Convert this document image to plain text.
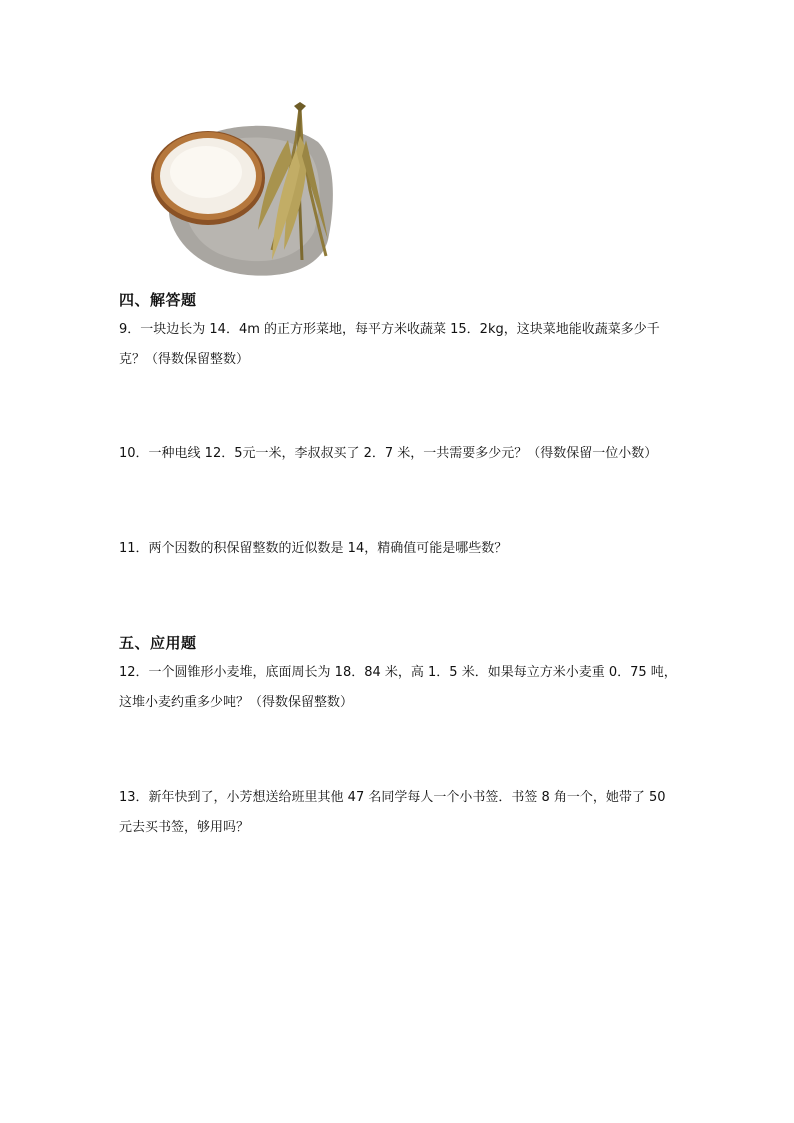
四、解答题
9．一块边长为 14．4m 的正方形菜地，每平方米收蔬菜 15．2kg，这块菜地能收蔬菜多少千
克？（得数保留整数）
10．一种电线 12．5元一米，李叔叔买了 2．7 米，一共需要多少元？（得数保留一位小数）
11．两个因数的积保留整数的近似数是 14，精确值可能是哪些数？
五、应用题
12．一个圆锥形小麦堆，底面周长为 18．84 米，高 1．5 米．如果每立方米小麦重 0．75 吨，
这堆小麦约重多少吨？（得数保留整数）
13．新年快到了，小芳想送给班里其他 47 名同学每人一个小书签．书签 8 角一个，她带了 50
元去买书签，够用吗？
